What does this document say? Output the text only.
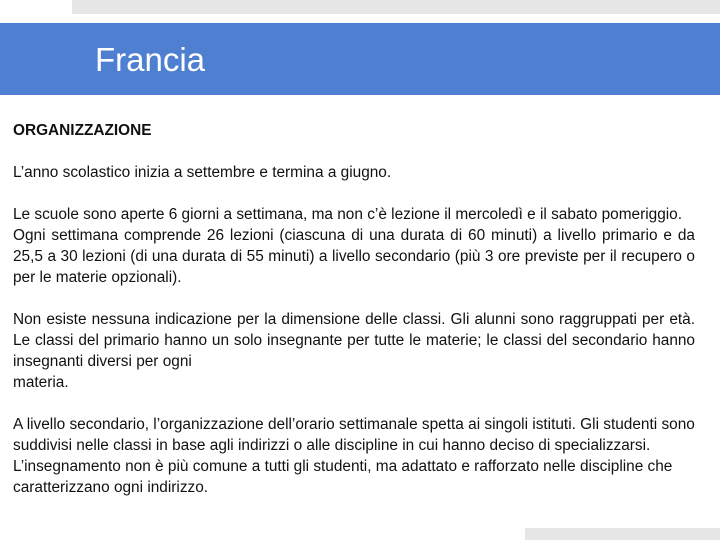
Francia

ORGANIZZAZIONE

L’anno scolastico inizia a settembre e termina a giugno.

Le scuole sono aperte 6 giorni a settimana, ma non c’è lezione il mercoledì e il sabato pomeriggio.

Ogni settimana comprende 26 lezioni (ciascuna di una durata di 60 minuti) a livello primario e da 25,5 a 30 lezioni (di una durata di 55 minuti) a livello secondario (più 3 ore previste per il recupero o per le materie opzionali).

Non esiste nessuna indicazione per la dimensione delle classi. Gli alunni sono raggruppati per età. Le classi del primario hanno un solo insegnante per tutte le materie; le classi del secondario hanno insegnanti diversi per ogni

materia.

A livello secondario, l’organizzazione dell’orario settimanale spetta ai singoli istituti. Gli studenti sono suddivisi nelle classi in base agli indirizzi o alle discipline in cui hanno deciso di specializzarsi. L’insegnamento non è più comune a tutti gli studenti, ma adattato e rafforzato nelle discipline che caratterizzano ogni indirizzo.
